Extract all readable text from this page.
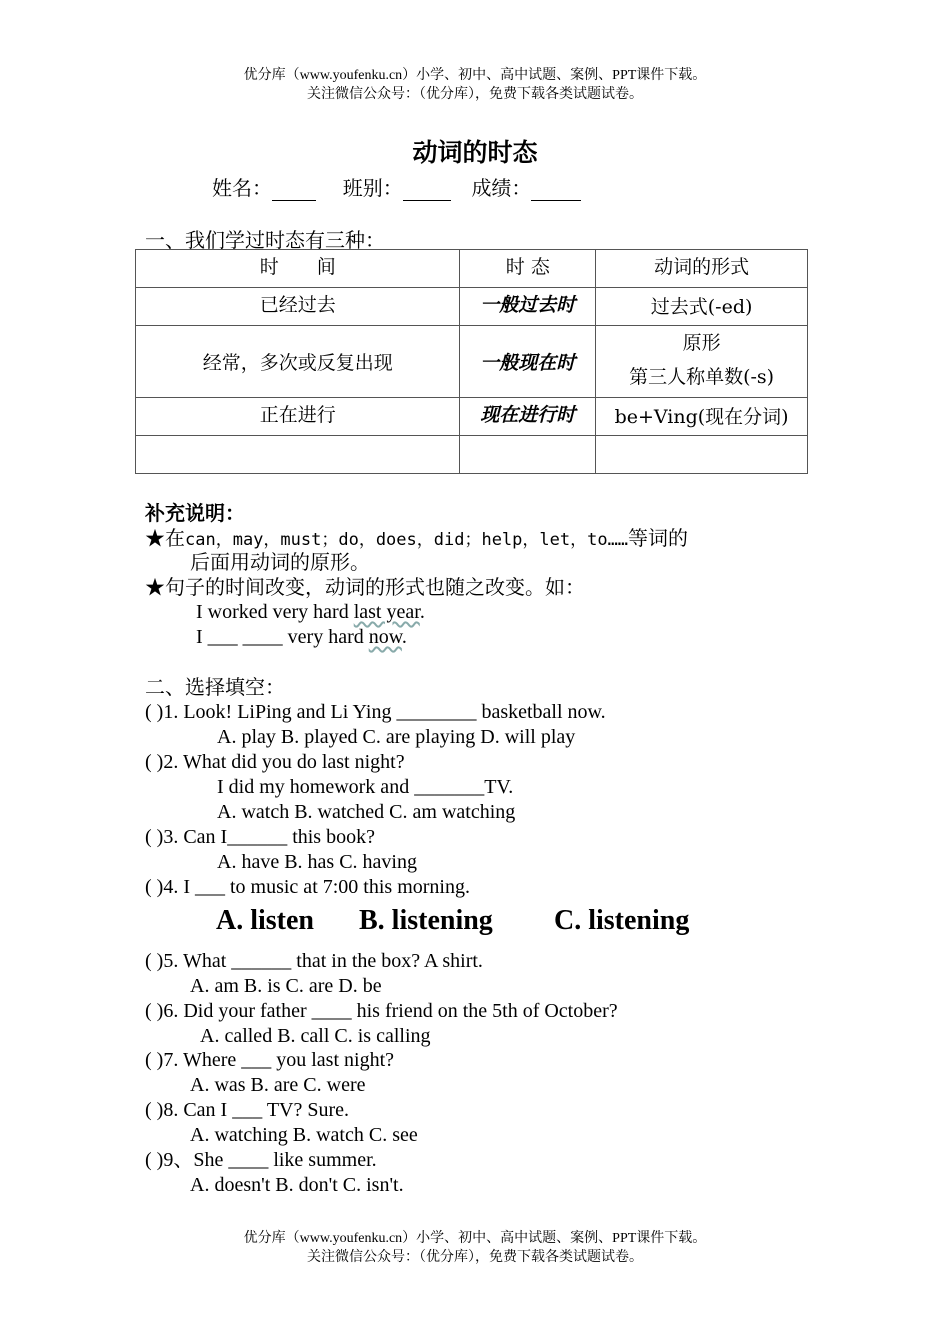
优分库（www.youfenku.cn）小学、初中、高中试题、案例、PPT课件下载。
关注微信公众号：（优分库），免费下载各类试题试卷。
动词的时态
姓名：	班别：	成绩：
一、我们学过时态有三种：
时　　间	时 态	动词的形式
已经过去	一般过去时	过去式(-ed)
经常，多次或反复出现	一般现在时	原形
第三人称单数(-s)

正在进行	现在进行时	be+Ving(现在分词)

补充说明：
★在can，may，must；do，does，did；help，let，to……等词的
后面用动词的原形。
★句子的时间改变，动词的形式也随之改变。如：
I worked very hard last year.
I ___ ____ very hard now.
二、选择填空：
( )1. Look! LiPing and Li Ying ________ basketball now.
A. play B. played C. are playing D. will play
( )2. What did you do last night?
I did my homework and _______TV.
A. watch B. watched C. am watching
( )3. Can I______ this book?
A. have B. has C. having
( )4. I ___ to music at 7:00 this morning.
A. listen B. listening C. listening
( )5. What ______ that in the box? A shirt.
A. am B. is C. are D. be
( )6. Did your father ____ his friend on the 5th of October?
A. called B. call C. is calling
( )7. Where ___ you last night?
A. was B. are C. were
( )8. Can I ___ TV? Sure.
A. watching B. watch C. see
( )9、She ____ like summer.
A. doesn't B. don't C. isn't.
优分库（www.youfenku.cn）小学、初中、高中试题、案例、PPT课件下载。
关注微信公众号：（优分库），免费下载各类试题试卷。
